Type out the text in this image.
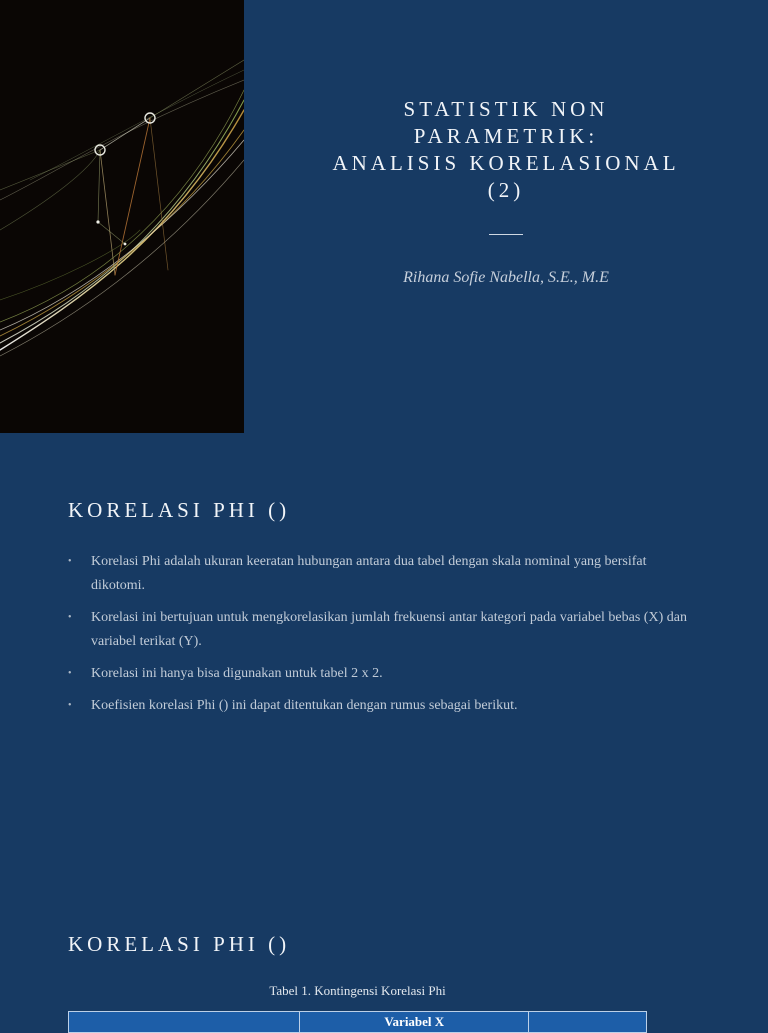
STATISTIK NON
PARAMETRIK:
ANALISIS KORELASIONAL
(2)
Rihana Sofie Nabella, S.E., M.E
KORELASI PHI ()
• Korelasi Phi adalah ukuran keeratan hubungan antara dua tabel dengan skala nominal yang bersifat dikotomi.
• Korelasi ini bertujuan untuk mengkorelasikan jumlah frekuensi antar kategori pada variabel bebas (X) dan variabel terikat (Y).
• Korelasi ini hanya bisa digunakan untuk tabel 2 x 2.
• Koefisien korelasi Phi () ini dapat ditentukan dengan rumus sebagai berikut.
KORELASI PHI ()
Tabel 1. Kontingensi Korelasi Phi
	Variabel X	
